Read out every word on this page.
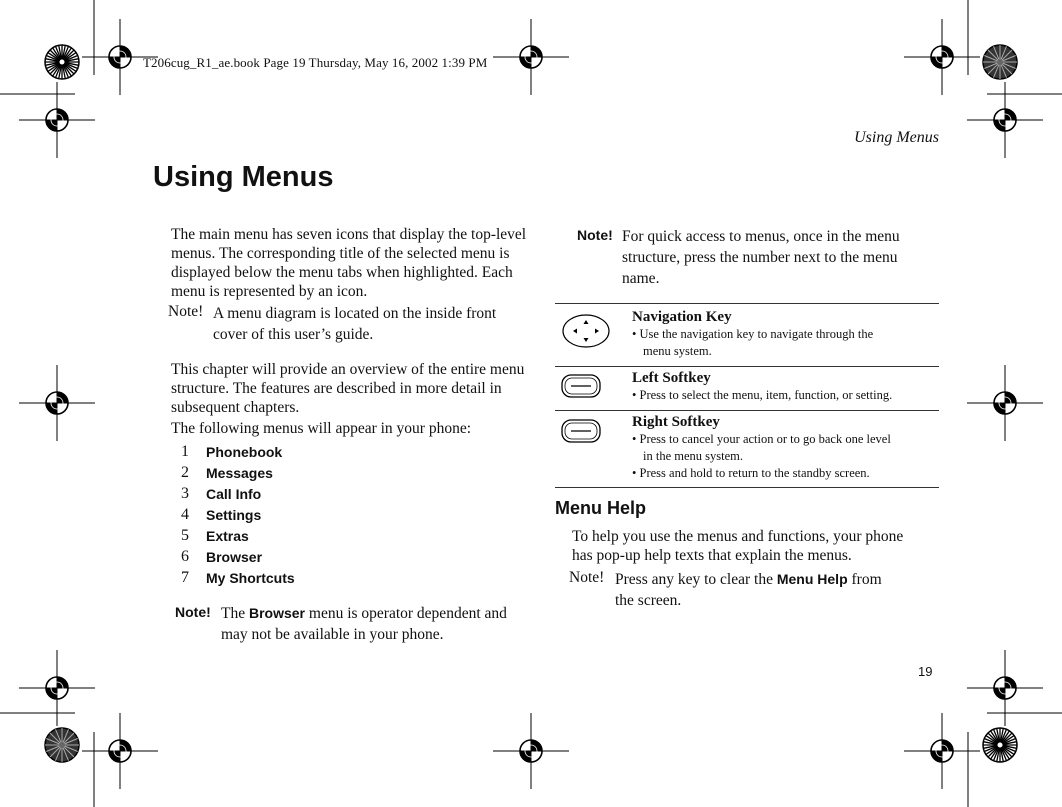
T206cug_R1_ae.book Page 19 Thursday, May 16, 2002 1:39 PM
Using Menus
Using Menus
The main menu has seven icons that display the top-level
menus. The corresponding title of the selected menu is
displayed below the menu tabs when highlighted. Each
menu is represented by an icon.
Note! A menu diagram is located on the inside front
cover of this user’s guide.
This chapter will provide an overview of the entire menu
structure. The features are described in more detail in
subsequent chapters.
The following menus will appear in your phone:
1	Phonebook
2	Messages
3	Call Info
4	Settings
5	Extras
6	Browser
7	My Shortcuts
Note! The Browser menu is operator dependent and
may not be available in your phone.
Note! For quick access to menus, once in the menu
structure, press the number next to the menu
name.
Navigation Key
• Use the navigation key to navigate through the
menu system.
Left Softkey
• Press to select the menu, item, function, or setting.
Right Softkey
• Press to cancel your action or to go back one level
in the menu system.
• Press and hold to return to the standby screen.
Menu Help
To help you use the menus and functions, your phone
has pop-up help texts that explain the menus.
Note! Press any key to clear the Menu Help from
the screen.
19
